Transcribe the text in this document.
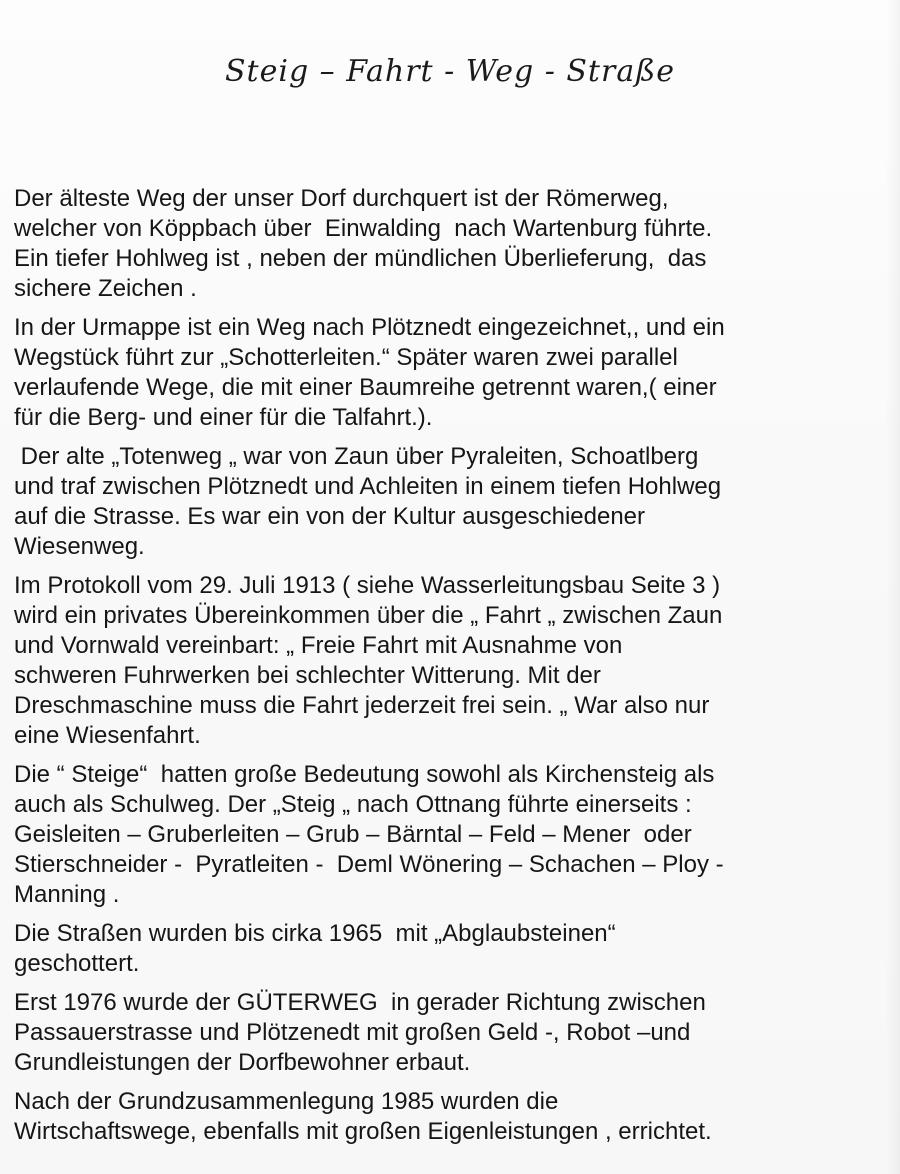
Steig – Fahrt - Weg - Straße

Der älteste Weg der unser Dorf durchquert ist der Römerweg,
welcher von Köppbach über  Einwalding  nach Wartenburg führte.
Ein tiefer Hohlweg ist , neben der mündlichen Überlieferung,  das
sichere Zeichen .

In der Urmappe ist ein Weg nach Plötznedt eingezeichnet,, und ein
Wegstück führt zur „Schotterleiten.“ Später waren zwei parallel
verlaufende Wege, die mit einer Baumreihe getrennt waren,( einer
für die Berg- und einer für die Talfahrt.).

Der alte „Totenweg „ war von Zaun über Pyraleiten, Schoatlberg
und traf zwischen Plötznedt und Achleiten in einem tiefen Hohlweg
auf die Strasse. Es war ein von der Kultur ausgeschiedener
Wiesenweg.

Im Protokoll vom 29. Juli 1913 ( siehe Wasserleitungsbau Seite 3 )
wird ein privates Übereinkommen über die „ Fahrt „ zwischen Zaun
und Vornwald vereinbart: „ Freie Fahrt mit Ausnahme von
schweren Fuhrwerken bei schlechter Witterung. Mit der
Dreschmaschine muss die Fahrt jederzeit frei sein. „ War also nur
eine Wiesenfahrt.

Die “ Steige“  hatten große Bedeutung sowohl als Kirchensteig als
auch als Schulweg. Der „Steig „ nach Ottnang führte einerseits :
Geisleiten – Gruberleiten – Grub – Bärntal – Feld – Mener  oder
Stierschneider -  Pyratleiten -  Deml Wönering – Schachen – Ploy -
Manning .

Die Straßen wurden bis cirka 1965  mit „Abglaubsteinen“
geschottert.

Erst 1976 wurde der GÜTERWEG  in gerader Richtung zwischen
Passauerstrasse und Plötzenedt mit großen Geld -, Robot –und
Grundleistungen der Dorfbewohner erbaut.

Nach der Grundzusammenlegung 1985 wurden die
Wirtschaftswege, ebenfalls mit großen Eigenleistungen , errichtet.
